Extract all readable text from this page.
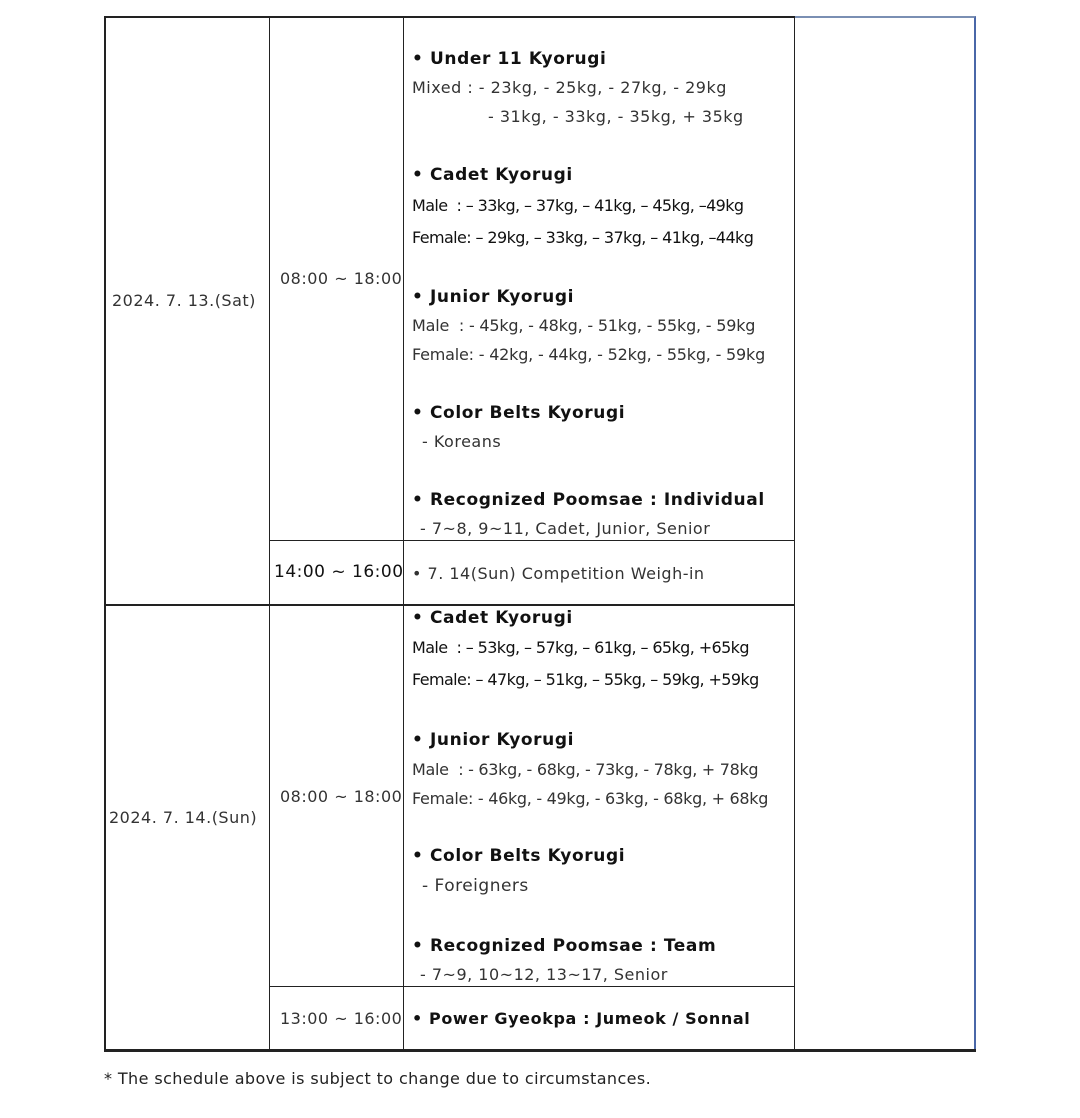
2024. 7. 13.(Sat)
08:00 ~ 18:00
14:00 ~ 16:00
• Under 11 Kyorugi
Mixed : - 23kg, - 25kg, - 27kg, - 29kg
- 31kg, - 33kg, - 35kg, + 35kg
• Cadet Kyorugi
Male  : – 33kg, – 37kg, – 41kg, – 45kg, –49kg
Female: – 29kg, – 33kg, – 37kg, – 41kg, –44kg
• Junior Kyorugi
Male  : - 45kg, - 48kg, - 51kg, - 55kg, - 59kg
Female: - 42kg, - 44kg, - 52kg, - 55kg, - 59kg
• Color Belts Kyorugi
- Koreans
• Recognized Poomsae : Individual
- 7~8, 9~11, Cadet, Junior, Senior
• 7. 14(Sun) Competition Weigh-in
2024. 7. 14.(Sun)
08:00 ~ 18:00
13:00 ~ 16:00
• Cadet Kyorugi
Male  : – 53kg, – 57kg, – 61kg, – 65kg, +65kg
Female: – 47kg, – 51kg, – 55kg, – 59kg, +59kg
• Junior Kyorugi
Male  : - 63kg, - 68kg, - 73kg, - 78kg, + 78kg
Female: - 46kg, - 49kg, - 63kg, - 68kg, + 68kg
• Color Belts Kyorugi
- Foreigners
• Recognized Poomsae : Team
- 7~9, 10~12, 13~17, Senior
• Power Gyeokpa : Jumeok / Sonnal
* The schedule above is subject to change due to circumstances.
